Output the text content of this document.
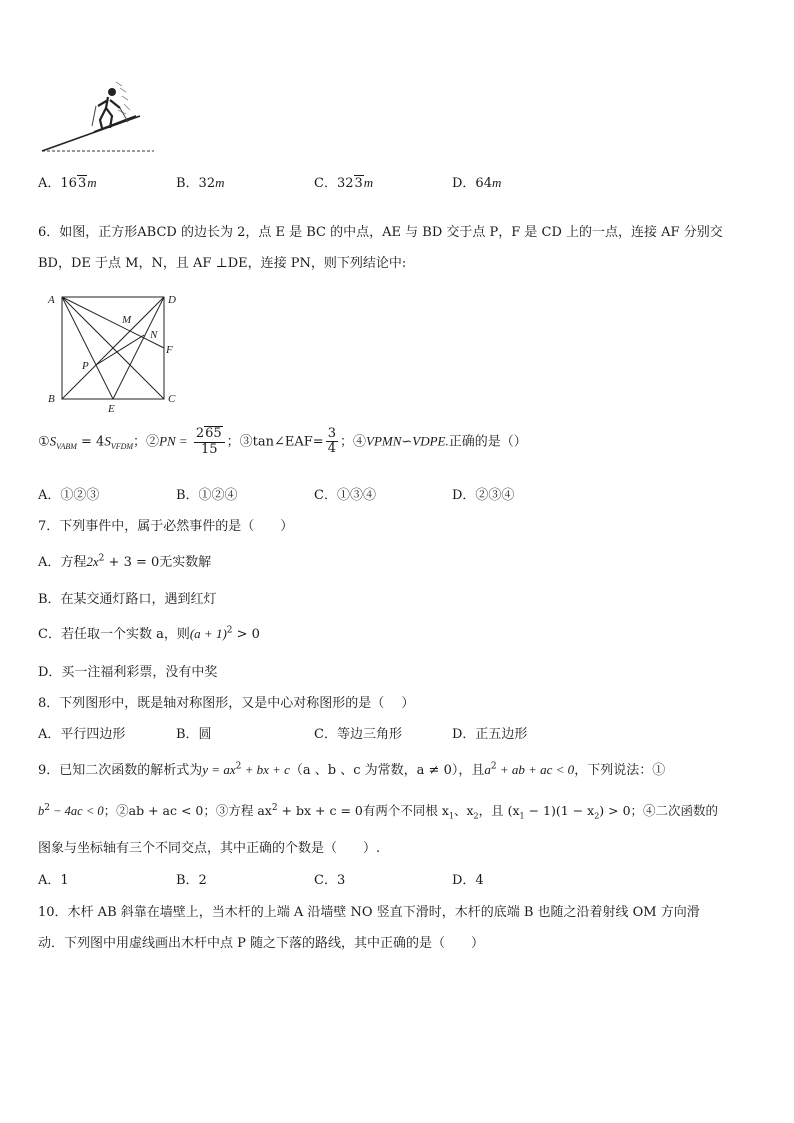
A．163m	B．32m	C．323m	D．64m
6．如图，正方形ABCD 的边长为 2，点 E 是 BC 的中点，AE 与 BD 交于点 P，F 是 CD 上的一点，连接 AF 分别交
BD，DE 于点 M，N，且 AF ⊥DE，连接 PN，则下列结论中:
A	D
B	C
E
F
M
N
P
$①S_{VABM} = 4S_{VFDM}$；②PN = $\frac{265}{15}$ ；③tan∠EAF= $\frac{3}{4}$ ；④VPMN∽VDPE.正确的是（）
A．①②③	B．①②④	C．①③④	D．②③④
7．下列事件中，属于必然事件的是（　　）
A．方程$2x^2 + 3 = 0$无实数解
B．在某交通灯路口，遇到红灯
C．若任取一个实数 a，则$(a + 1)^2 > 0$
D．买一注福利彩票，没有中奖
8．下列图形中，既是轴对称图形，又是中心对称图形的是（　 ）
A．平行四边形	B．圆	C．等边三角形	D．正五边形
9．已知二次函数的解析式为$y = ax^2$ + bx + c（a 、b 、c 为常数，a ≠ 0），且$a^2$ + ab + ac < 0，下列说法：①
$b^2 - 4ac < 0$；②ab + ac < 0；③方程 $ax^2$ + bx + c = 0有两个不同根 $x_1$、$x_2$，且 $(x_1 - 1)(1 - x_2) > 0$；④二次函数的
图象与坐标轴有三个不同交点，其中正确的个数是（　　）.
A．1	B．2	C．3	D．4
10．木杆 AB 斜靠在墙壁上，当木杆的上端 A 沿墙壁 NO 竖直下滑时，木杆的底端 B 也随之沿着射线 OM 方向滑
动．下列图中用虚线画出木杆中点 P 随之下落的路线，其中正确的是（　　）
